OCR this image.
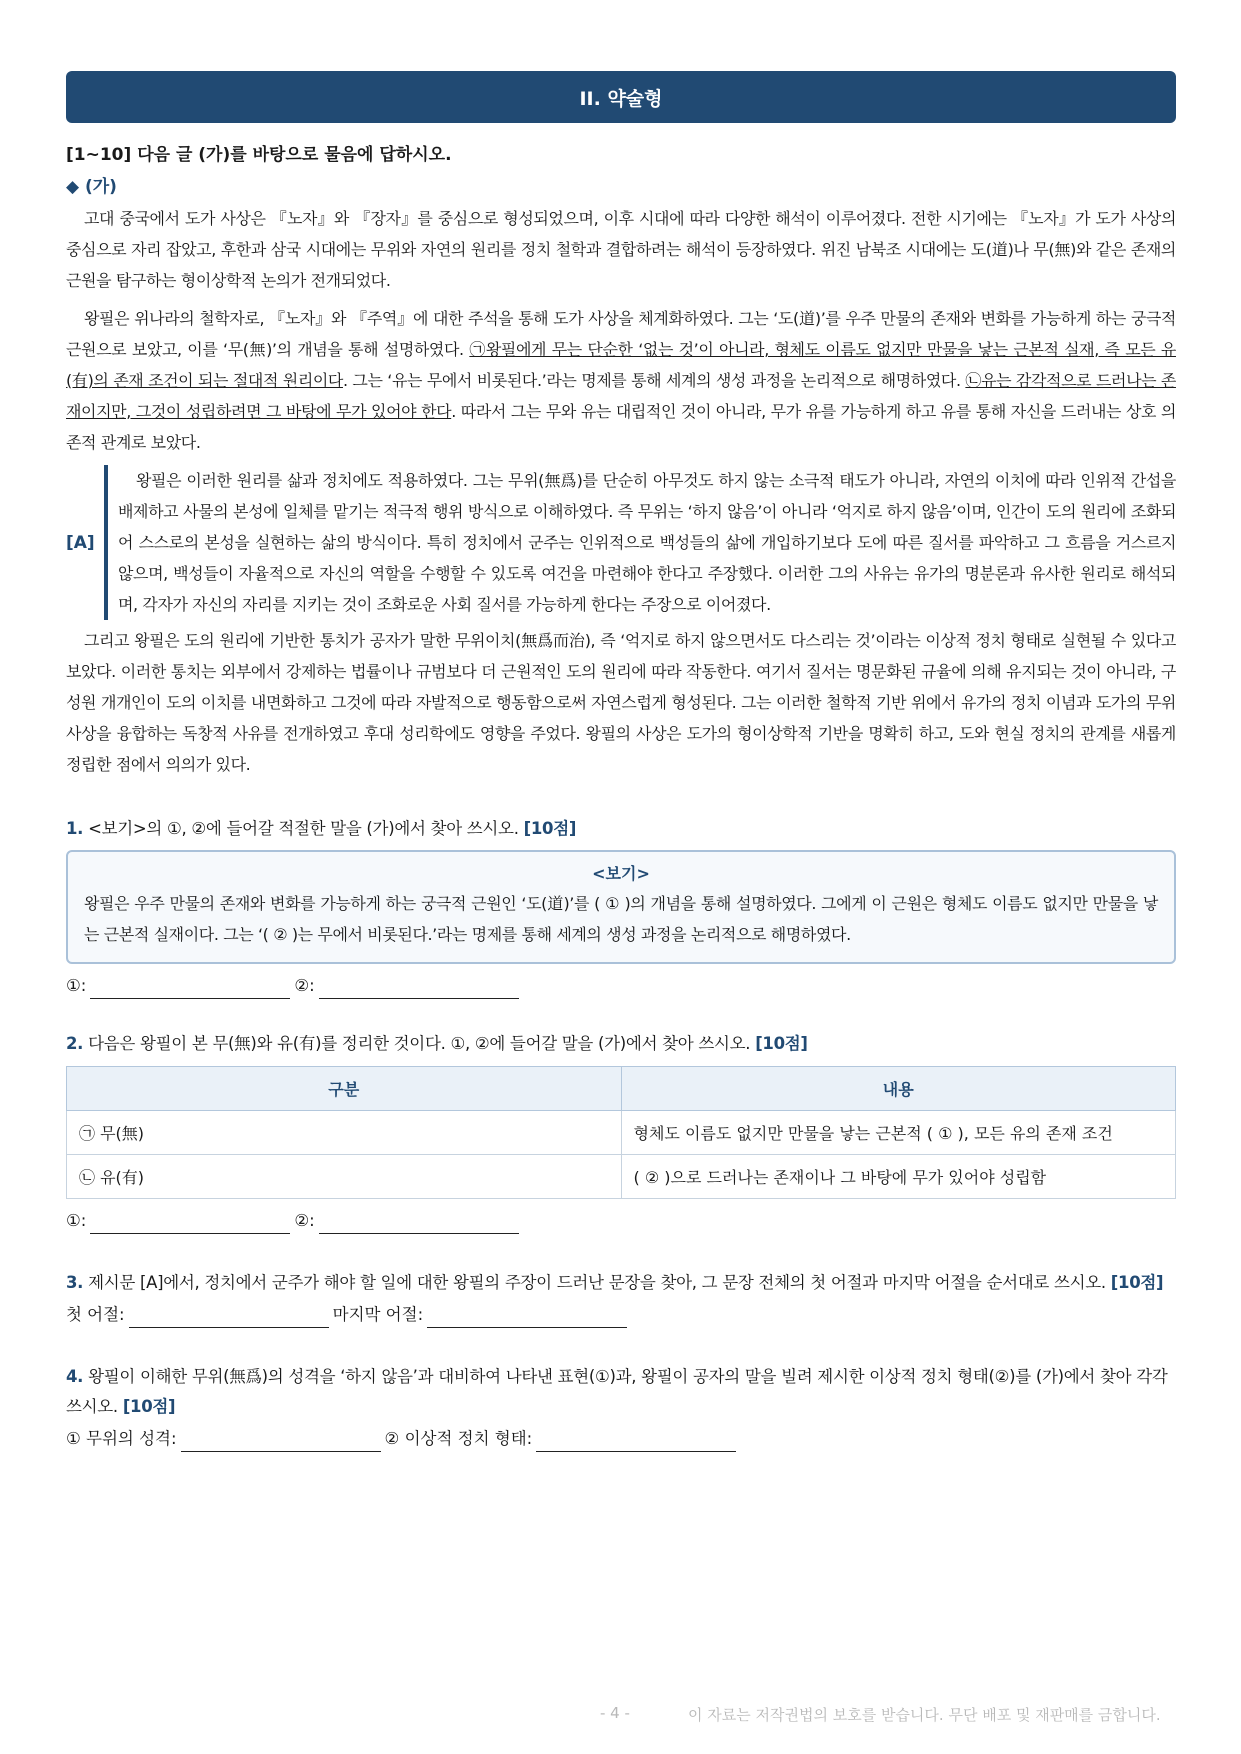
II. 약술형
[1~10] 다음 글 (가)를 바탕으로 물음에 답하시오.
◆ (가)

고대 중국에서 도가 사상은 『노자』와 『장자』를 중심으로 형성되었으며, 이후 시대에 따라 다양한 해석이 이루어졌다. 전한 시기에는 『노자』가 도가 사상의 중심으로 자리 잡았고, 후한과 삼국 시대에는 무위와 자연의 원리를 정치 철학과 결합하려는 해석이 등장하였다. 위진 남북조 시대에는 도(道)나 무(無)와 같은 존재의 근원을 탐구하는 형이상학적 논의가 전개되었다.

왕필은 위나라의 철학자로, 『노자』와 『주역』에 대한 주석을 통해 도가 사상을 체계화하였다. 그는 ‘도(道)’를 우주 만물의 존재와 변화를 가능하게 하는 궁극적 근원으로 보았고, 이를 ‘무(無)’의 개념을 통해 설명하였다. ㉠왕필에게 무는 단순한 ‘없는 것’이 아니라, 형체도 이름도 없지만 만물을 낳는 근본적 실재, 즉 모든 유(有)의 존재 조건이 되는 절대적 원리이다. 그는 ‘유는 무에서 비롯된다.’라는 명제를 통해 세계의 생성 과정을 논리적으로 해명하였다. ㉡유는 감각적으로 드러나는 존재이지만, 그것이 성립하려면 그 바탕에 무가 있어야 한다. 따라서 그는 무와 유는 대립적인 것이 아니라, 무가 유를 가능하게 하고 유를 통해 자신을 드러내는 상호 의존적 관계로 보았다.

[A]

왕필은 이러한 원리를 삶과 정치에도 적용하였다. 그는 무위(無爲)를 단순히 아무것도 하지 않는 소극적 태도가 아니라, 자연의 이치에 따라 인위적 간섭을 배제하고 사물의 본성에 일체를 맡기는 적극적 행위 방식으로 이해하였다. 즉 무위는 ‘하지 않음’이 아니라 ‘억지로 하지 않음’이며, 인간이 도의 원리에 조화되어 스스로의 본성을 실현하는 삶의 방식이다. 특히 정치에서 군주는 인위적으로 백성들의 삶에 개입하기보다 도에 따른 질서를 파악하고 그 흐름을 거스르지 않으며, 백성들이 자율적으로 자신의 역할을 수행할 수 있도록 여건을 마련해야 한다고 주장했다. 이러한 그의 사유는 유가의 명분론과 유사한 원리로 해석되며, 각자가 자신의 자리를 지키는 것이 조화로운 사회 질서를 가능하게 한다는 주장으로 이어졌다.

그리고 왕필은 도의 원리에 기반한 통치가 공자가 말한 무위이치(無爲而治), 즉 ‘억지로 하지 않으면서도 다스리는 것’이라는 이상적 정치 형태로 실현될 수 있다고 보았다. 이러한 통치는 외부에서 강제하는 법률이나 규범보다 더 근원적인 도의 원리에 따라 작동한다. 여기서 질서는 명문화된 규율에 의해 유지되는 것이 아니라, 구성원 개개인이 도의 이치를 내면화하고 그것에 따라 자발적으로 행동함으로써 자연스럽게 형성된다. 그는 이러한 철학적 기반 위에서 유가의 정치 이념과 도가의 무위 사상을 융합하는 독창적 사유를 전개하였고 후대 성리학에도 영향을 주었다. 왕필의 사상은 도가의 형이상학적 기반을 명확히 하고, 도와 현실 정치의 관계를 새롭게 정립한 점에서 의의가 있다.

1. <보기>의 ①, ②에 들어갈 적절한 말을 (가)에서 찾아 쓰시오. [10점]
<보기>
왕필은 우주 만물의 존재와 변화를 가능하게 하는 궁극적 근원인 ‘도(道)’를 ( ① )의 개념을 통해 설명하였다. 그에게 이 근원은 형체도 이름도 없지만 만물을 낳는 근본적 실재이다. 그는 ‘( ② )는 무에서 비롯된다.’라는 명제를 통해 세계의 생성 과정을 논리적으로 해명하였다.
①:	②:
2. 다음은 왕필이 본 무(無)와 유(有)를 정리한 것이다. ①, ②에 들어갈 말을 (가)에서 찾아 쓰시오. [10점]
구분	내용
㉠ 무(無)	형체도 이름도 없지만 만물을 낳는 근본적 ( ① ), 모든 유의 존재 조건
㉡ 유(有)	( ② )으로 드러나는 존재이나 그 바탕에 무가 있어야 성립함
①:	②:
3. 제시문 [A]에서, 정치에서 군주가 해야 할 일에 대한 왕필의 주장이 드러난 문장을 찾아, 그 문장 전체의 첫 어절과 마지막 어절을 순서대로 쓰시오. [10점]
첫 어절:	마지막 어절:
4. 왕필이 이해한 무위(無爲)의 성격을 ‘하지 않음’과 대비하여 나타낸 표현(①)과, 왕필이 공자의 말을 빌려 제시한 이상적 정치 형태(②)를 (가)에서 찾아 각각 쓰시오. [10점]
① 무위의 성격:	② 이상적 정치 형태:
- 4 -	이 자료는 저작권법의 보호를 받습니다. 무단 배포 및 재판매를 금합니다.
